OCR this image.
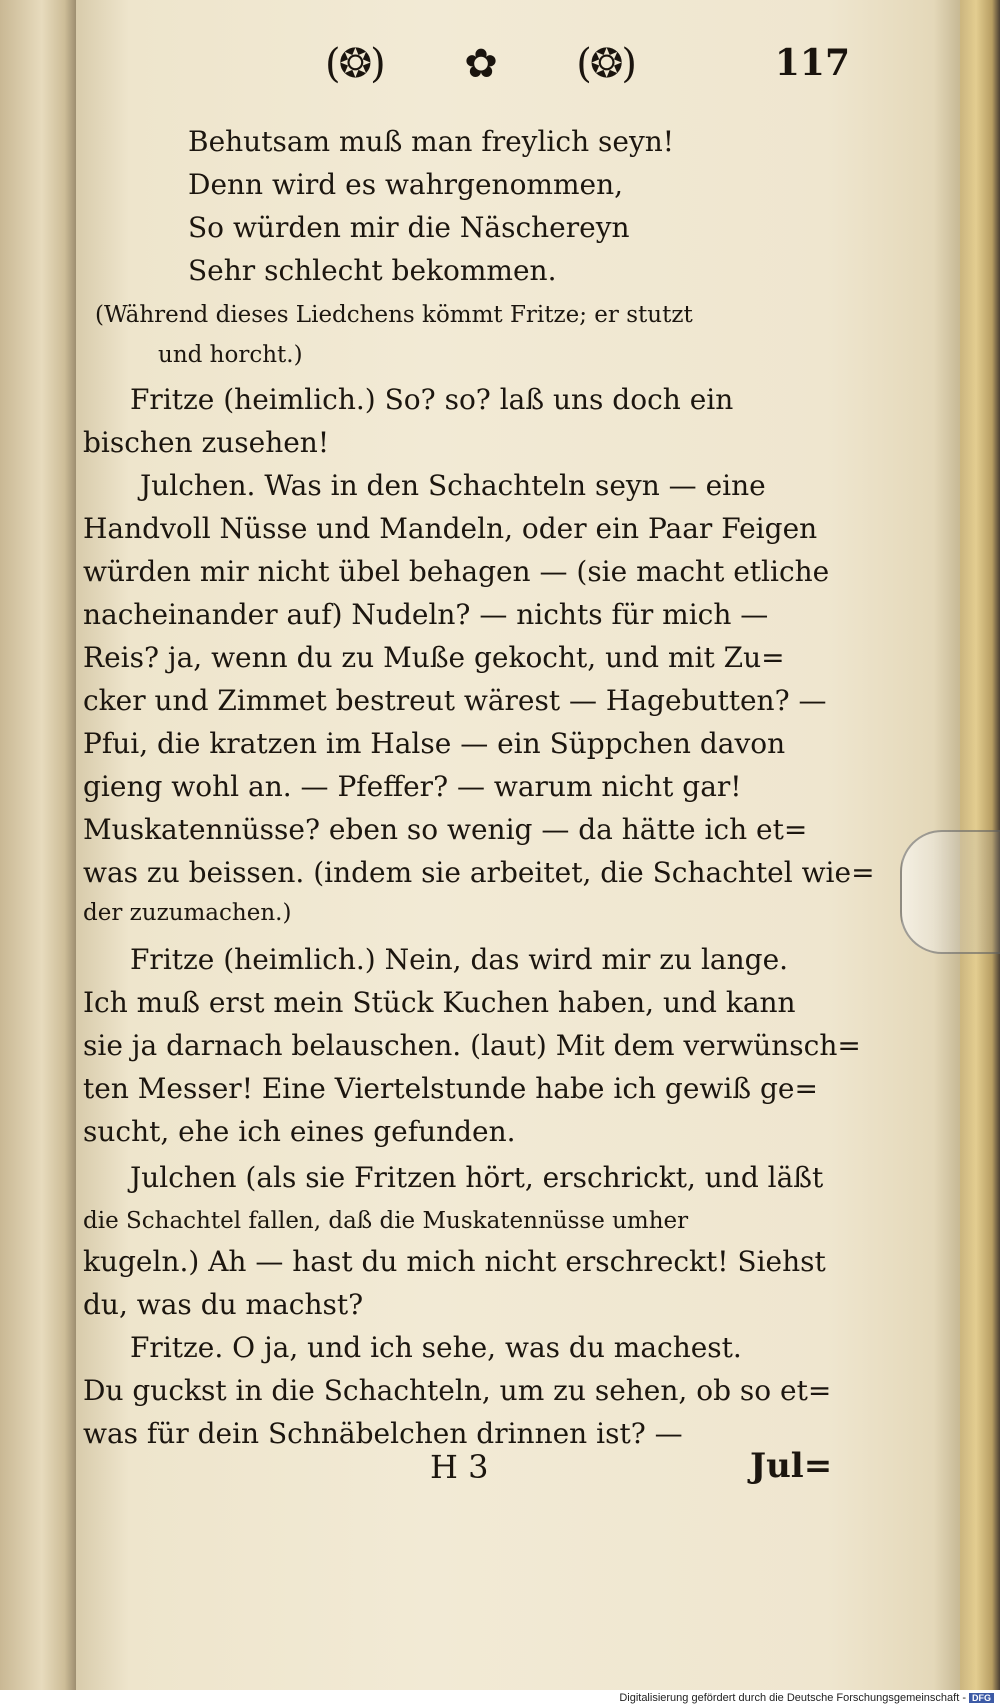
(❂) ✿ (❂)	117
Behutsam muß man freylich seyn!
Denn wird es wahrgenommen,
So würden mir die Näschereyn
Sehr schlecht bekommen.
(Während dieses Liedchens kömmt Fritze; er stutzt
und horcht.)
Fritze (heimlich.) So? so? laß uns doch ein
bischen zusehen!
Julchen. Was in den Schachteln seyn — eine
Handvoll Nüsse und Mandeln, oder ein Paar Feigen
würden mir nicht übel behagen — (sie macht etliche
nacheinander auf) Nudeln? — nichts für mich —
Reis? ja, wenn du zu Muße gekocht, und mit Zu=
cker und Zimmet bestreut wärest — Hagebutten? —
Pfui, die kratzen im Halse — ein Süppchen davon
gieng wohl an. — Pfeffer? — warum nicht gar!
Muskatennüsse? eben so wenig — da hätte ich et=
was zu beissen. (indem sie arbeitet, die Schachtel wie=
der zuzumachen.)
Fritze (heimlich.) Nein, das wird mir zu lange.
Ich muß erst mein Stück Kuchen haben, und kann
sie ja darnach belauschen. (laut) Mit dem verwünsch=
ten Messer! Eine Viertelstunde habe ich gewiß ge=
sucht, ehe ich eines gefunden.
Julchen (als sie Fritzen hört, erschrickt, und läßt
die Schachtel fallen, daß die Muskatennüsse umher
kugeln.) Ah — hast du mich nicht erschreckt! Siehst
du, was du machst?
Fritze. O ja, und ich sehe, was du machest.
Du guckst in die Schachteln, um zu sehen, ob so et=
was für dein Schnäbelchen drinnen ist? —
H 3	Jul=
Digitalisierung gefördert durch die Deutsche Forschungsgemeinschaft - DFG
